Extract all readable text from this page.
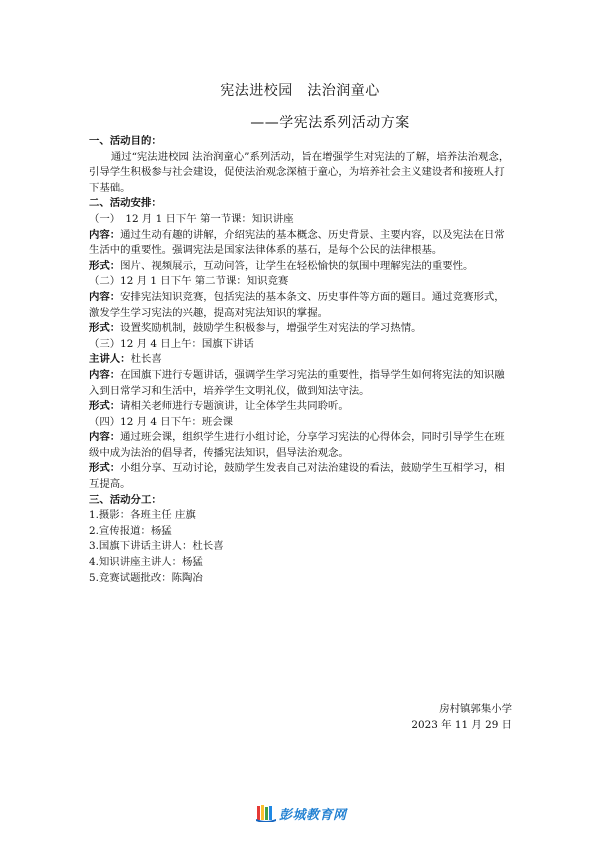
宪法进校园　法治润童心
——学宪法系列活动方案

一、活动目的：

通过“宪法进校园 法治润童心”系列活动，旨在增强学生对宪法的了解，培养法治观念，引导学生积极参与社会建设，促使法治观念深植于童心，为培养社会主义建设者和接班人打下基础。

二、活动安排：

（一）　12 月 1 日下午 第一节课：知识讲座

内容：通过生动有趣的讲解，介绍宪法的基本概念、历史背景、主要内容，以及宪法在日常生活中的重要性。强调宪法是国家法律体系的基石，是每个公民的法律根基。

形式：图片、视频展示，互动问答，让学生在轻松愉快的氛围中理解宪法的重要性。

（二）12 月 1 日下午 第二节课：知识竞赛

内容：安排宪法知识竞赛，包括宪法的基本条文、历史事件等方面的题目。通过竞赛形式，激发学生学习宪法的兴趣，提高对宪法知识的掌握。

形式：设置奖励机制，鼓励学生积极参与，增强学生对宪法的学习热情。

（三）12 月 4 日上午：国旗下讲话

主讲人：杜长喜

内容：在国旗下进行专题讲话，强调学生学习宪法的重要性，指导学生如何将宪法的知识融入到日常学习和生活中，培养学生文明礼仪，做到知法守法。

形式：请相关老师进行专题演讲，让全体学生共同聆听。

（四）12 月 4 日下午：班会课

内容：通过班会课，组织学生进行小组讨论，分享学习宪法的心得体会，同时引导学生在班级中成为法治的倡导者，传播宪法知识，倡导法治观念。

形式：小组分享、互动讨论，鼓励学生发表自己对法治建设的看法，鼓励学生互相学习，相互提高。

三、活动分工：

1.摄影：各班主任 庄旗

2.宣传报道：杨猛

3.国旗下讲话主讲人：杜长喜

4.知识讲座主讲人：杨猛

5.竞赛试题批改：陈陶冶

房村镇郭集小学
2023 年 11 月 29 日
彭城教育网
